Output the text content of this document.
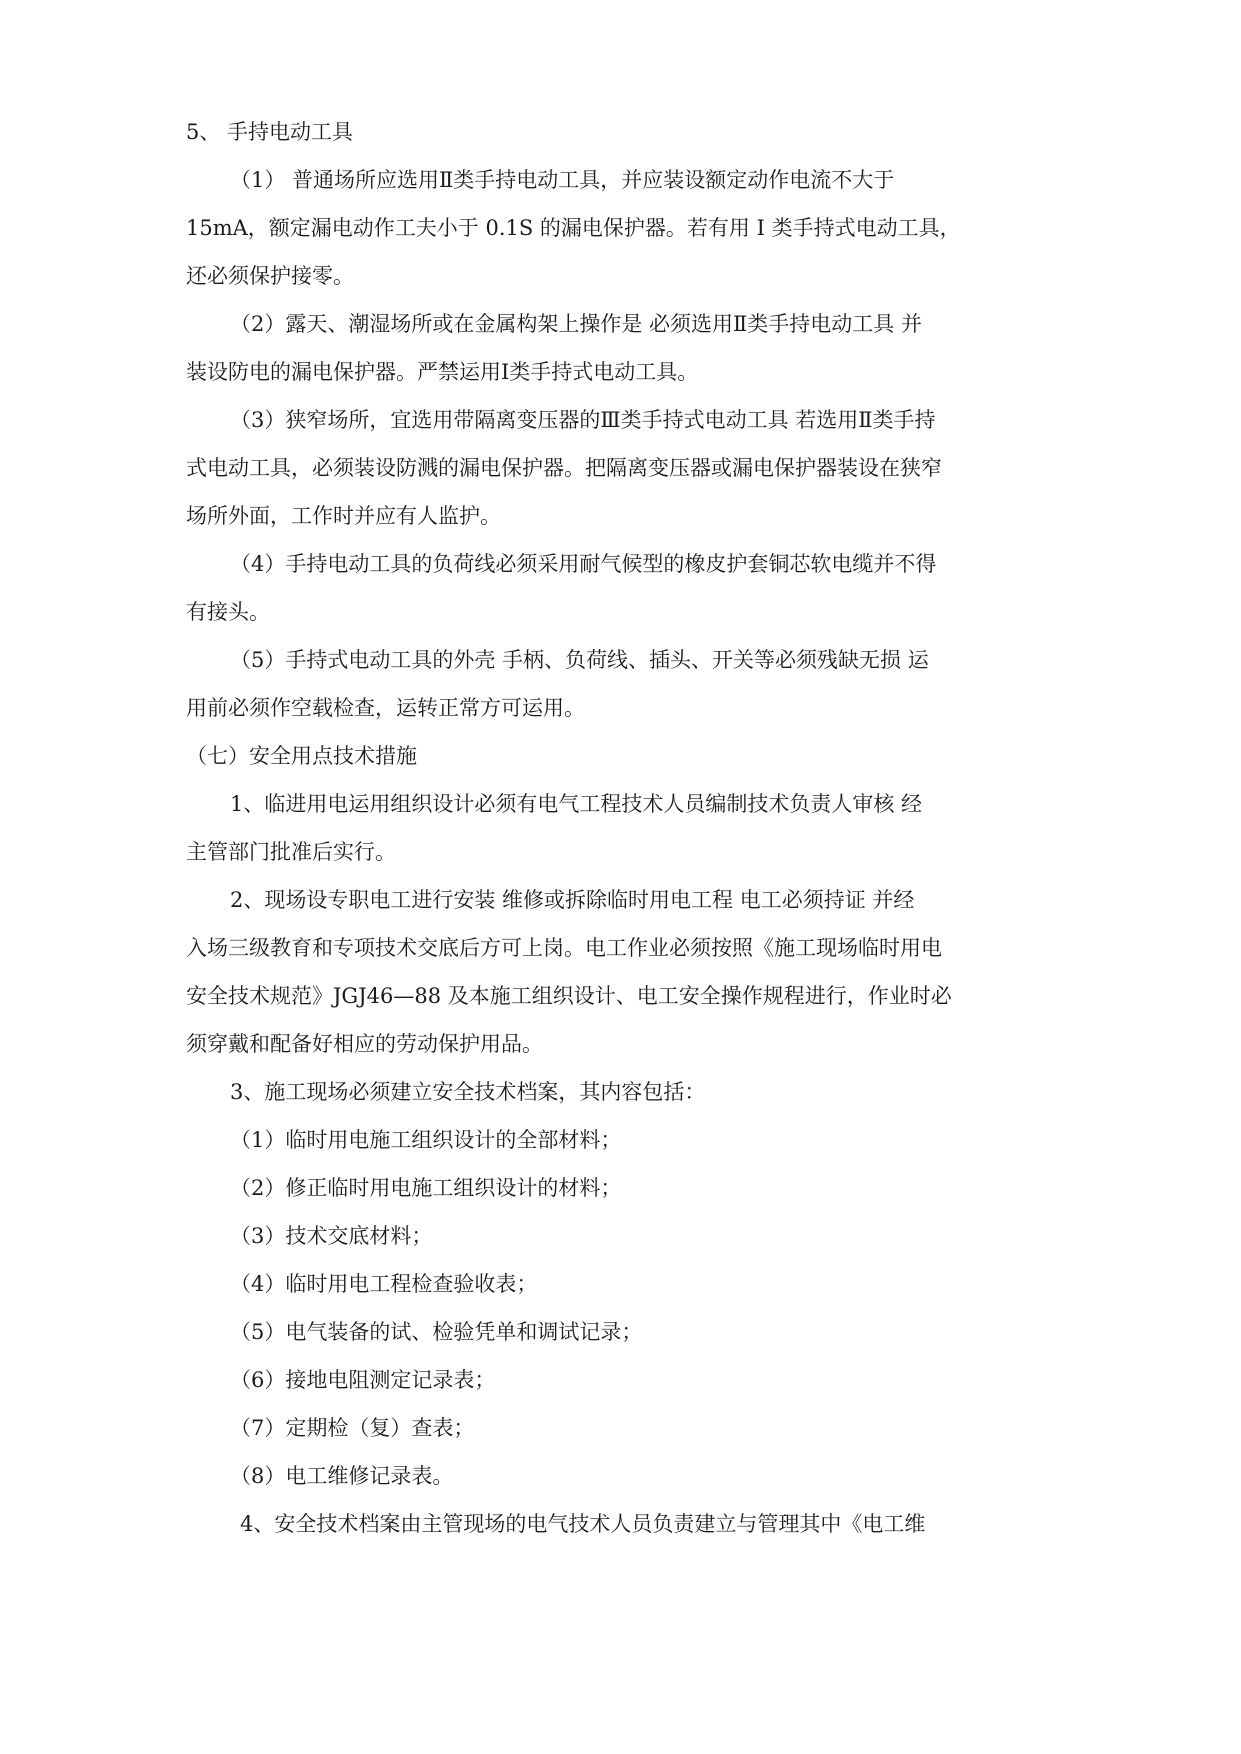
5、 手持电动工具
（1） 普通场所应选用Ⅱ类手持电动工具，并应装设额定动作电流不大于
15mA，额定漏电动作工夫小于 0.1S 的漏电保护器。若有用 I 类手持式电动工具，
还必须保护接零。
（2）露天、潮湿场所或在金属构架上操作是 必须选用Ⅱ类手持电动工具 并
装设防电的漏电保护器。严禁运用I类手持式电动工具。
（3）狭窄场所，宜选用带隔离变压器的Ⅲ类手持式电动工具 若选用Ⅱ类手持
式电动工具，必须装设防溅的漏电保护器。把隔离变压器或漏电保护器装设在狭窄
场所外面，工作时并应有人监护。
（4）手持电动工具的负荷线必须采用耐气候型的橡皮护套铜芯软电缆并不得
有接头。
（5）手持式电动工具的外壳 手柄、负荷线、插头、开关等必须残缺无损 运
用前必须作空载检查，运转正常方可运用。
（七）安全用点技术措施
1、临进用电运用组织设计必须有电气工程技术人员编制技术负责人审核 经
主管部门批准后实行。
2、现场设专职电工进行安装 维修或拆除临时用电工程 电工必须持证 并经
入场三级教育和专项技术交底后方可上岗。电工作业必须按照《施工现场临时用电
安全技术规范》JGJ46—88 及本施工组织设计、电工安全操作规程进行，作业时必
须穿戴和配备好相应的劳动保护用品。
3、施工现场必须建立安全技术档案，其内容包括：
（1）临时用电施工组织设计的全部材料；
（2）修正临时用电施工组织设计的材料；
（3）技术交底材料；
（4）临时用电工程检查验收表；
（5）电气装备的试、检验凭单和调试记录；
（6）接地电阻测定记录表；
（7）定期检（复）查表；
（8）电工维修记录表。
4、安全技术档案由主管现场的电气技术人员负责建立与管理其中《电工维
